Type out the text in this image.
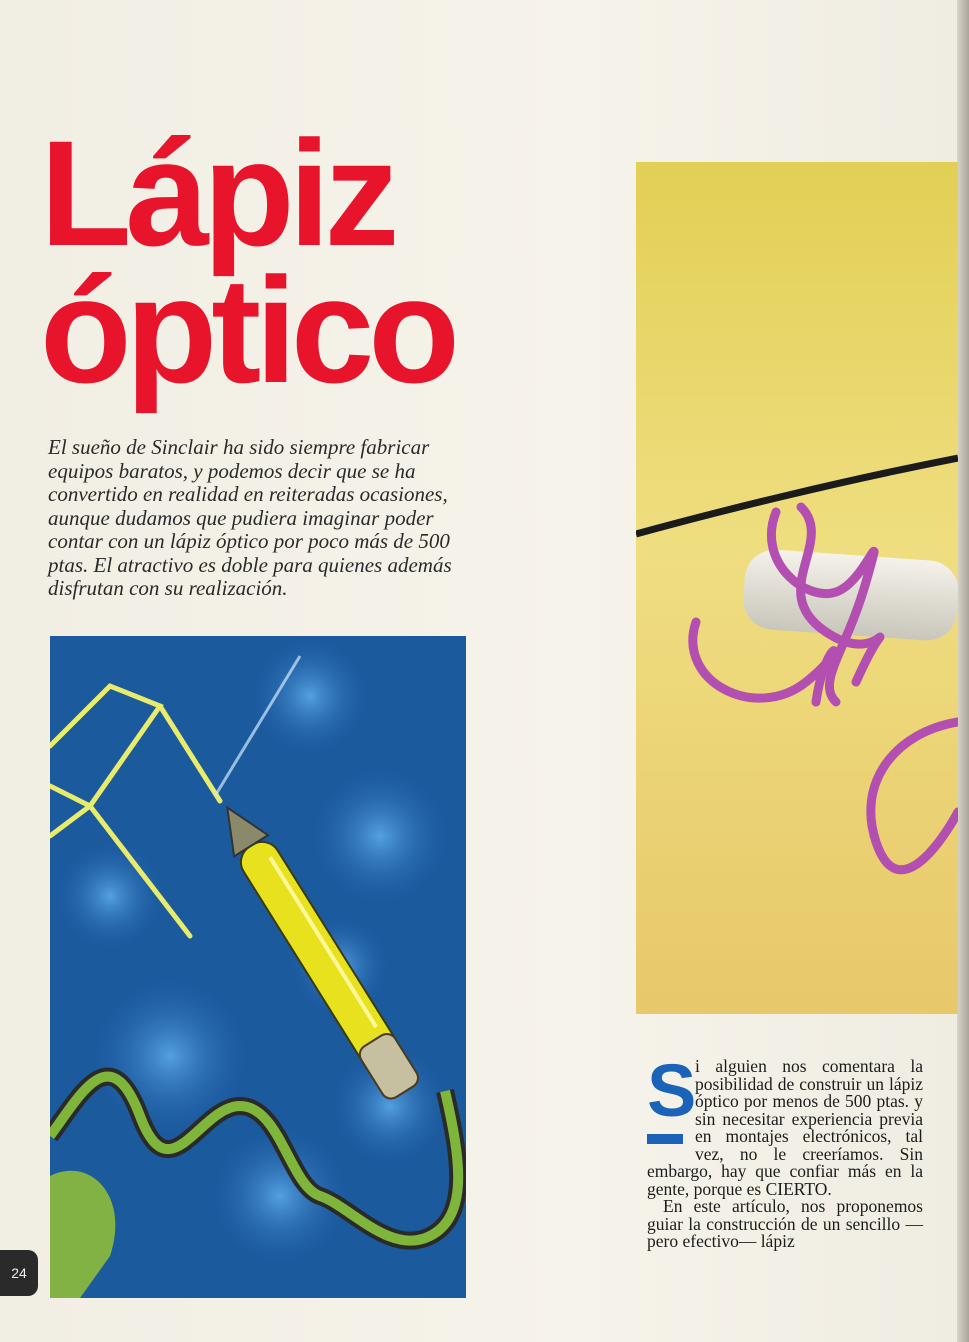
Lápiz
óptico
El sueño de Sinclair ha sido siempre fabricar equipos baratos, y podemos decir que se ha convertido en realidad en reiteradas ocasiones, aunque dudamos que pudiera imaginar poder contar con un lápiz óptico por poco más de 500 ptas. El atractivo es doble para quienes además disfrutan con su realización.
S

i alguien nos comentara la posibilidad de construir un lápiz óptico por menos de 500 ptas. y sin necesitar experiencia previa en montajes electrónicos, tal vez, no le creeríamos. Sin embargo, hay que confiar más en la gente, porque es CIERTO.

En este artículo, nos proponemos guiar la construcción de un sencillo —pero efectivo— lápiz

24
